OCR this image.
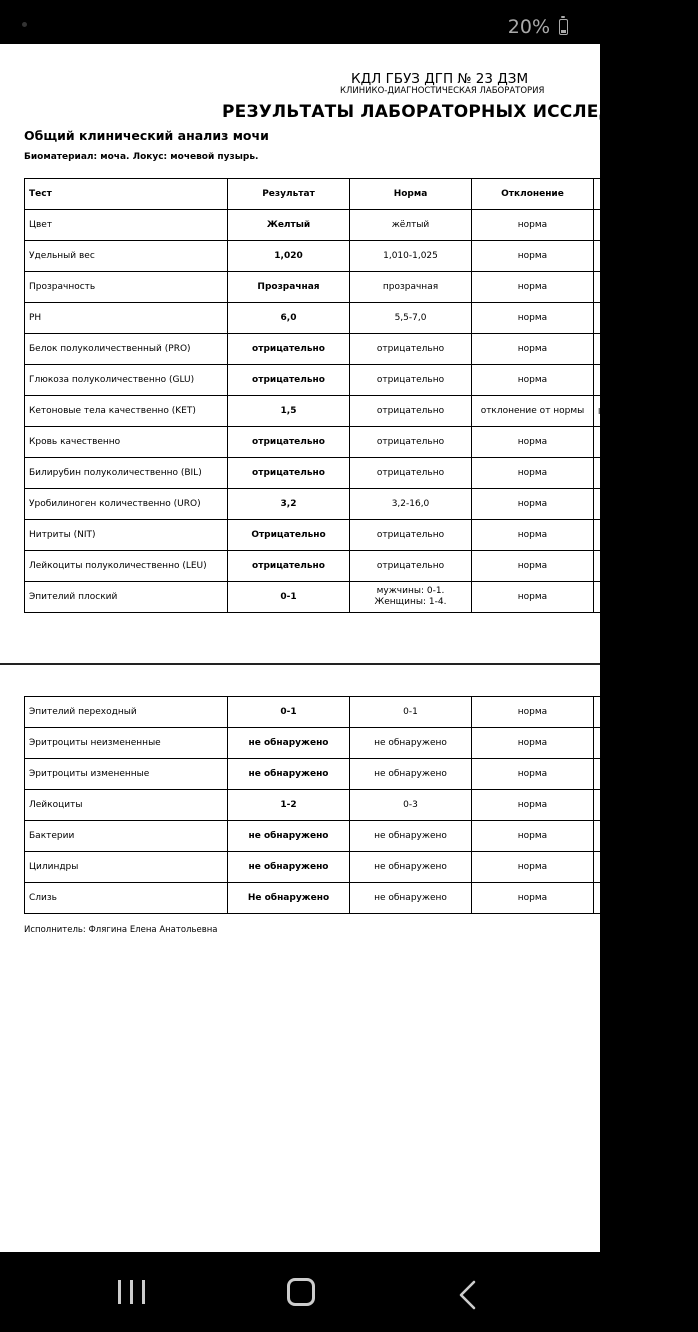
20%
КДЛ ГБУЗ ДГП № 23 ДЗМ
КЛИНИКО-ДИАГНОСТИЧЕСКАЯ ЛАБОРАТОРИЯ
РЕЗУЛЬТАТЫ ЛАБОРАТОРНЫХ ИССЛЕДОВАНИЙ
Общий клинический анализ мочи
Биоматериал: моча. Локус: мочевой пузырь.
Тест	Результат	Норма	Отклонение	
Цвет	Желтый	жёлтый	норма	
Удельный вес	1,020	1,010-1,025	норма	
Прозрачность	Прозрачная	прозрачная	норма	
PH	6,0	5,5-7,0	норма	
Белок полуколичественный (PRO)	отрицательно	отрицательно	норма	
Глюкоза полуколичественно (GLU)	отрицательно	отрицательно	норма	
Кетоновые тела качественно (KET)	1,5	отрицательно	отклонение от нормы	I
Кровь качественно	отрицательно	отрицательно	норма	
Билирубин полуколичественно (BIL)	отрицательно	отрицательно	норма	
Уробилиноген количественно (URO)	3,2	3,2-16,0	норма	
Нитриты (NIT)	Отрицательно	отрицательно	норма	
Лейкоциты полуколичественно (LEU)	отрицательно	отрицательно	норма	
Эпителий плоский	0-1	мужчины: 0-1. Женщины: 1-4.	норма	
Эпителий переходный	0-1	0-1	норма	
Эритроциты неизмененные	не обнаружено	не обнаружено	норма	
Эритроциты измененные	не обнаружено	не обнаружено	норма	
Лейкоциты	1-2	0-3	норма	
Бактерии	не обнаружено	не обнаружено	норма	
Цилиндры	не обнаружено	не обнаружено	норма	
Слизь	Не обнаружено	не обнаружено	норма	
Исполнитель: Флягина Елена Анатольевна
